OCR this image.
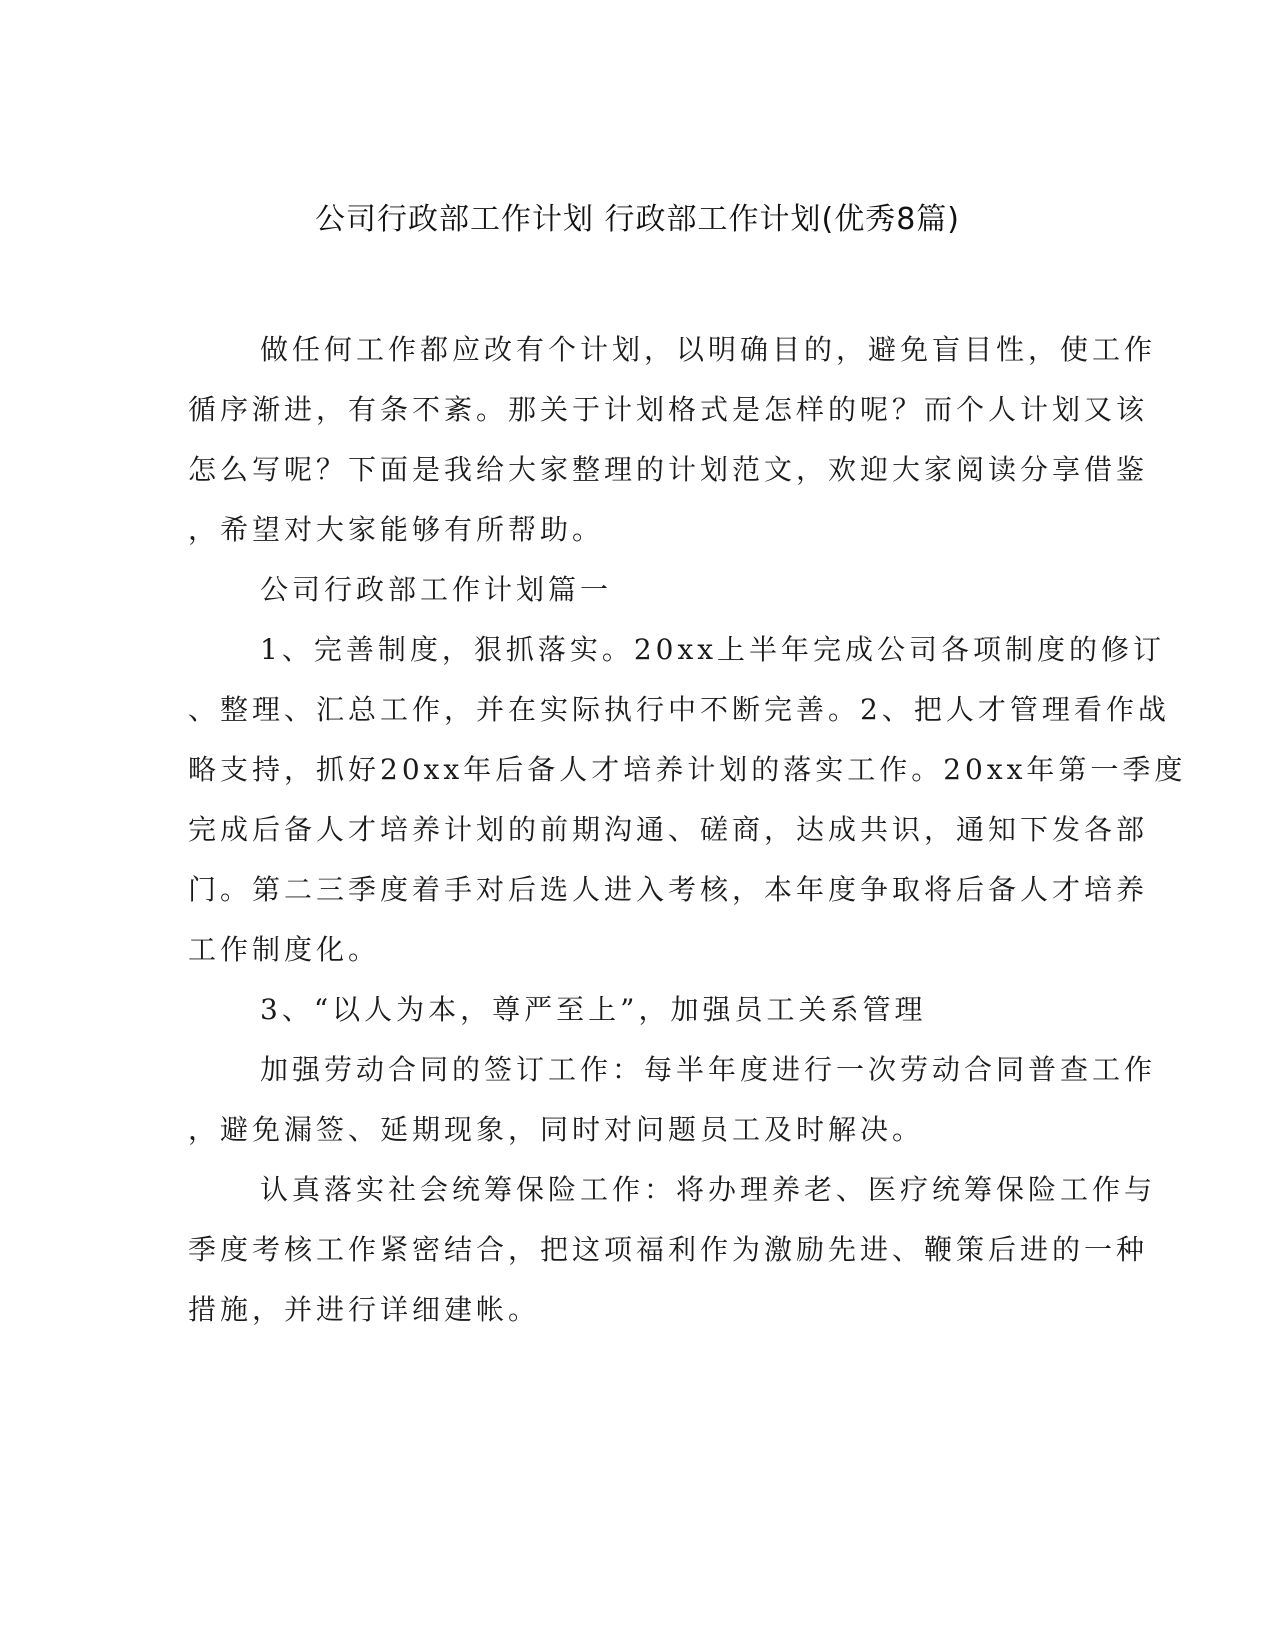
公司行政部工作计划 行政部工作计划(优秀8篇)
做任何工作都应改有个计划，以明确目的，避免盲目性，使工作
循序渐进，有条不紊。那关于计划格式是怎样的呢？而个人计划又该
怎么写呢？下面是我给大家整理的计划范文，欢迎大家阅读分享借鉴
，希望对大家能够有所帮助。
公司行政部工作计划篇一
1、完善制度，狠抓落实。20xx上半年完成公司各项制度的修订
、整理、汇总工作，并在实际执行中不断完善。2、把人才管理看作战
略支持，抓好20xx年后备人才培养计划的落实工作。20xx年第一季度
完成后备人才培养计划的前期沟通、磋商，达成共识，通知下发各部
门。第二三季度着手对后选人进入考核，本年度争取将后备人才培养
工作制度化。
3、“以人为本，尊严至上”，加强员工关系管理
加强劳动合同的签订工作：每半年度进行一次劳动合同普查工作
，避免漏签、延期现象，同时对问题员工及时解决。
认真落实社会统筹保险工作：将办理养老、医疗统筹保险工作与
季度考核工作紧密结合，把这项福利作为激励先进、鞭策后进的一种
措施，并进行详细建帐。
